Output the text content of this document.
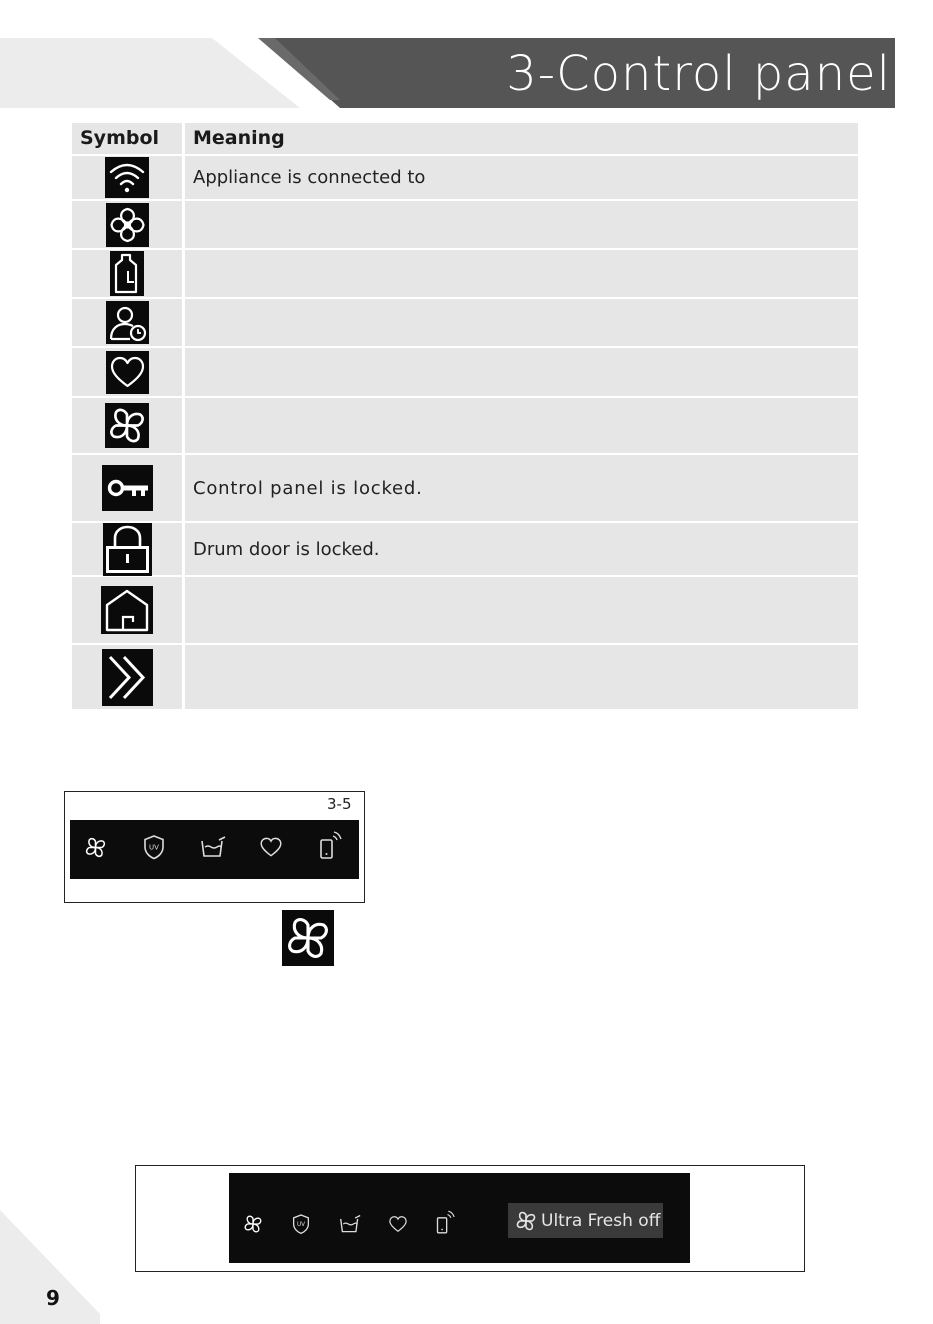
3-Control panel
Symbol	Meaning
Appliance is connected to
Control panel is locked.
Drum door is locked.
3-5
UV
UV	Ultra Fresh off
9
